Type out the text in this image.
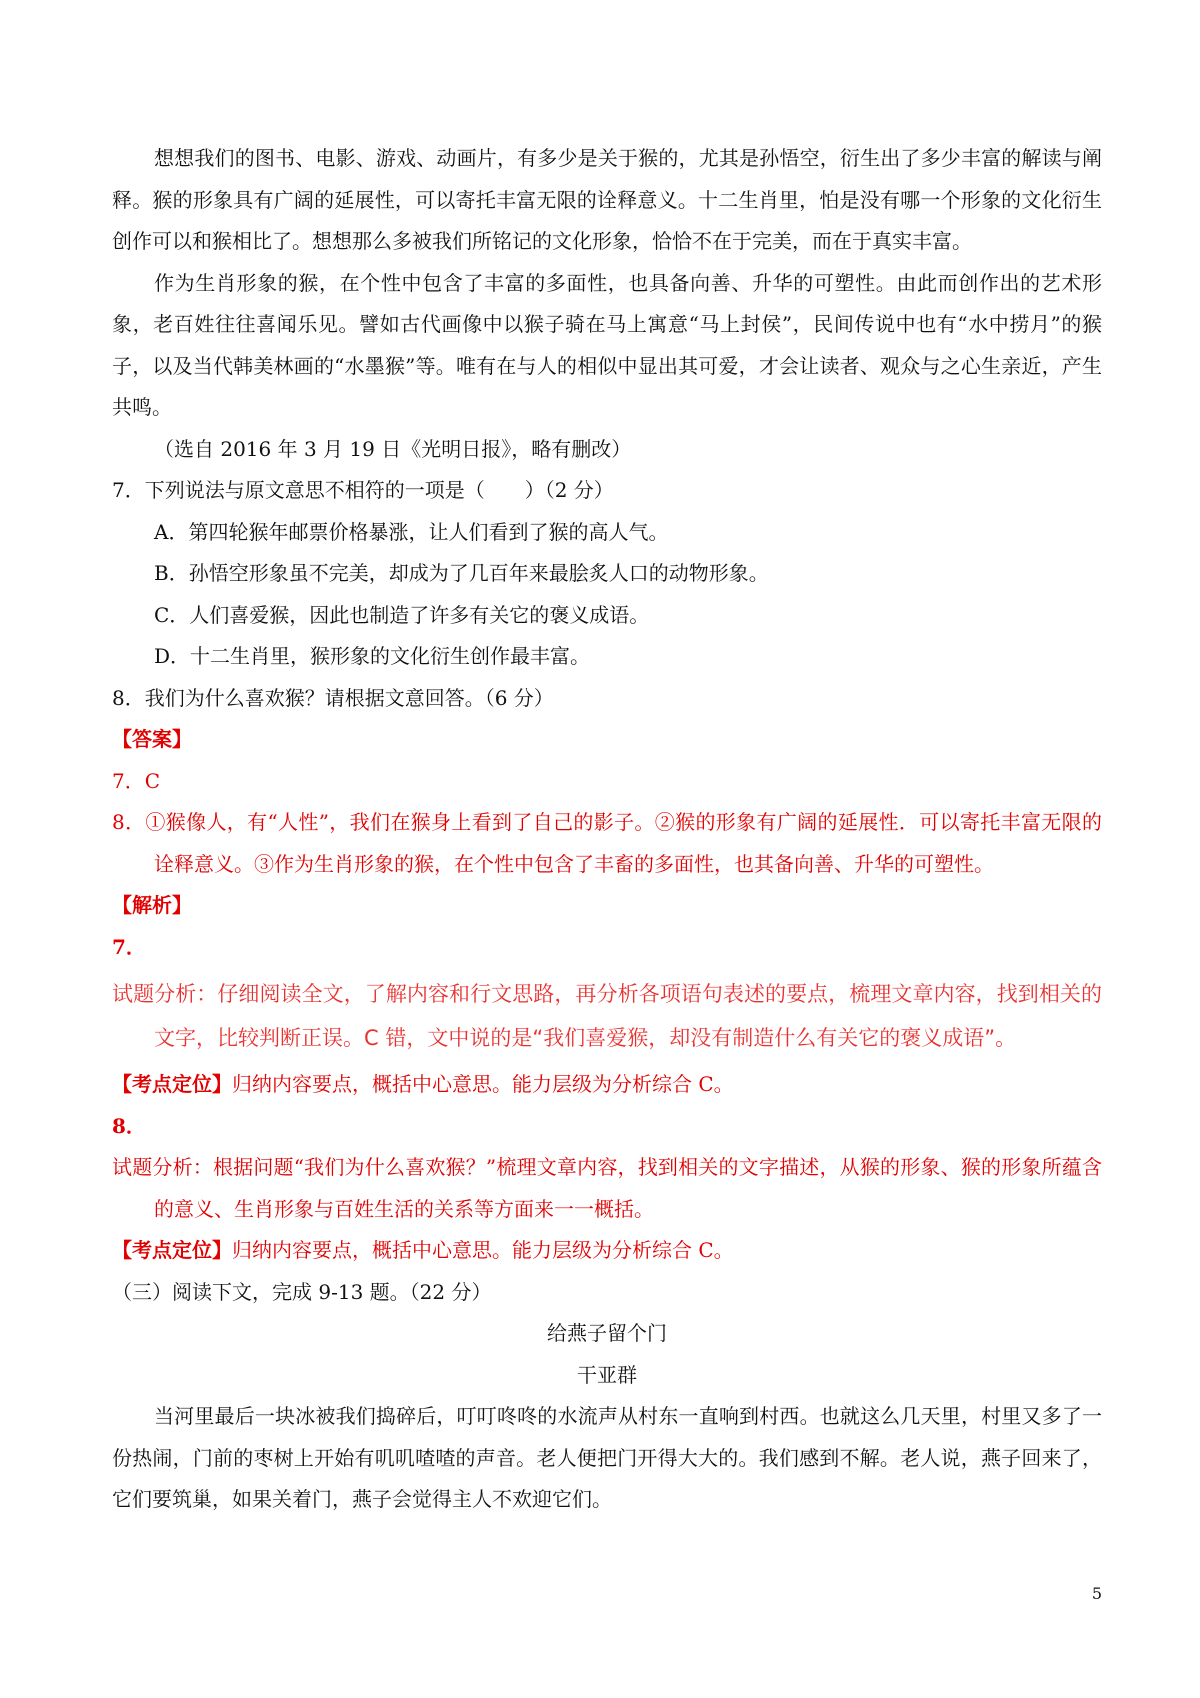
想想我们的图书、电影、游戏、动画片，有多少是关于猴的，尤其是孙悟空，衍生出了多少丰富的解读与阐释。猴的形象具有广阔的延展性，可以寄托丰富无限的诠释意义。十二生肖里，怕是没有哪一个形象的文化衍生创作可以和猴相比了。想想那么多被我们所铭记的文化形象，恰恰不在于完美，而在于真实丰富。

作为生肖形象的猴，在个性中包含了丰富的多面性，也具备向善、升华的可塑性。由此而创作出的艺术形象，老百姓往往喜闻乐见。譬如古代画像中以猴子骑在马上寓意“马上封侯”，民间传说中也有“水中捞月”的猴子，以及当代韩美林画的“水墨猴”等。唯有在与人的相似中显出其可爱，才会让读者、观众与之心生亲近，产生共鸣。

（选自 2016 年 3 月 19 日《光明日报》，略有删改）

7．下列说法与原文意思不相符的一项是（　　）（2 分）

A．第四轮猴年邮票价格暴涨，让人们看到了猴的高人气。

B．孙悟空形象虽不完美，却成为了几百年来最脍炙人口的动物形象。

C．人们喜爱猴，因此也制造了许多有关它的褒义成语。

D．十二生肖里，猴形象的文化衍生创作最丰富。

8．我们为什么喜欢猴？请根据文意回答。（6 分）

【答案】

7．C

8．①猴像人，有“人性”，我们在猴身上看到了自己的影子。②猴的形象有广阔的延展性．可以寄托丰富无限的诠释意义。③作为生肖形象的猴，在个性中包含了丰畜的多面性，也其备向善、升华的可塑性。

【解析】

7．

试题分析：仔细阅读全文，了解内容和行文思路，再分析各项语句表述的要点，梳理文章内容，找到相关的文字，比较判断正误。C 错，文中说的是“我们喜爱猴，却没有制造什么有关它的褒义成语”。

【考点定位】归纳内容要点，概括中心意思。能力层级为分析综合 C。

8．

试题分析：根据问题“我们为什么喜欢猴？”梳理文章内容，找到相关的文字描述，从猴的形象、猴的形象所蕴含的意义、生肖形象与百姓生活的关系等方面来一一概括。

【考点定位】归纳内容要点，概括中心意思。能力层级为分析综合 C。

（三）阅读下文，完成 9-13 题。（22 分）

给燕子留个门

干亚群

当河里最后一块冰被我们捣碎后，叮叮咚咚的水流声从村东一直响到村西。也就这么几天里，村里又多了一份热闹，门前的枣树上开始有叽叽喳喳的声音。老人便把门开得大大的。我们感到不解。老人说，燕子回来了，它们要筑巢，如果关着门，燕子会觉得主人不欢迎它们。

5
